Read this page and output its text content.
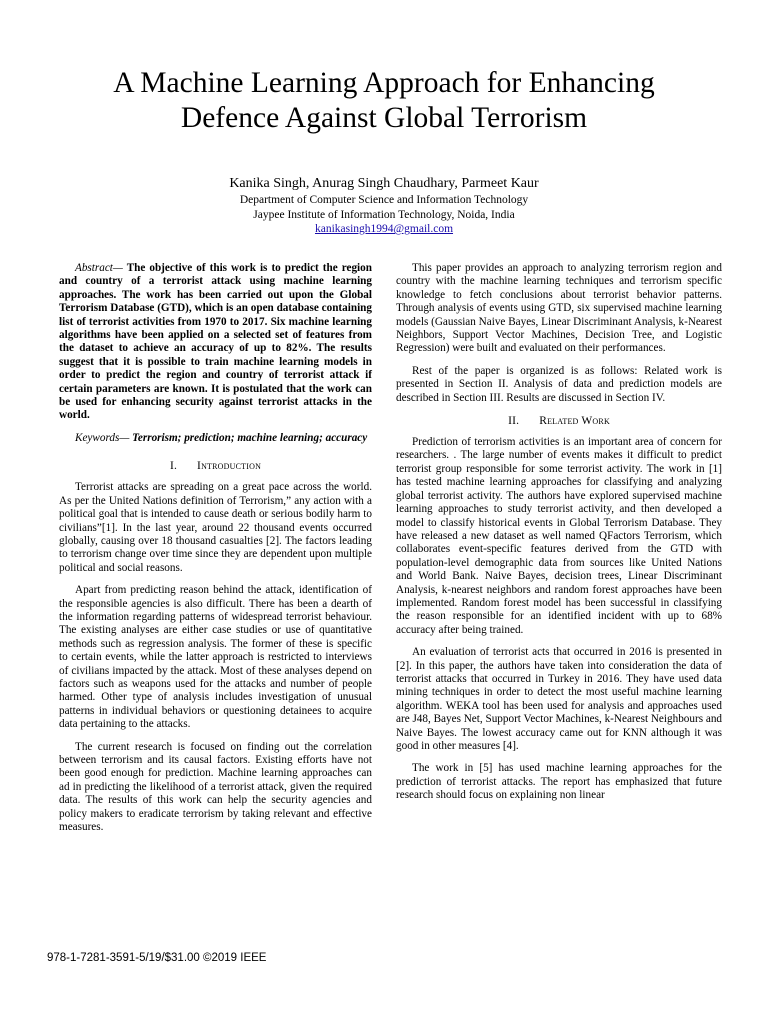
A Machine Learning Approach for Enhancing
Defence Against Global Terrorism
Kanika Singh, Anurag Singh Chaudhary, Parmeet Kaur
Department of Computer Science and Information Technology
Jaypee Institute of Information Technology, Noida, India
kanikasingh1994@gmail.com

Abstract— The objective of this work is to predict the region and country of a terrorist attack using machine learning approaches. The work has been carried out upon the Global Terrorism Database (GTD), which is an open database containing list of terrorist activities from 1970 to 2017. Six machine learning algorithms have been applied on a selected set of features from the dataset to achieve an accuracy of up to 82%. The results suggest that it is possible to train machine learning models in order to predict the region and country of terrorist attack if certain parameters are known. It is postulated that the work can be used for enhancing security against terrorist attacks in the world.

Keywords— Terrorism; prediction; machine learning; accuracy

I. Introduction

Terrorist attacks are spreading on a great pace across the world. As per the United Nations definition of Terrorism,” any action with a political goal that is intended to cause death or serious bodily harm to civilians”[1]. In the last year, around 22 thousand events occurred globally, causing over 18 thousand casualties [2]. The factors leading to terrorism change over time since they are dependent upon multiple political and social reasons.

Apart from predicting reason behind the attack, identification of the responsible agencies is also difficult. There has been a dearth of the information regarding patterns of widespread terrorist behaviour. The existing analyses are either case studies or use of quantitative methods such as regression analysis. The former of these is specific to certain events, while the latter approach is restricted to interviews of civilians impacted by the attack. Most of these analyses depend on factors such as weapons used for the attacks and number of people harmed. Other type of analysis includes investigation of unusual patterns in individual behaviors or questioning detainees to acquire data pertaining to the attacks.

The current research is focused on finding out the correlation between terrorism and its causal factors. Existing efforts have not been good enough for prediction. Machine learning approaches can ad in predicting the likelihood of a terrorist attack, given the required data. The results of this work can help the security agencies and policy makers to eradicate terrorism by taking relevant and effective measures.

This paper provides an approach to analyzing terrorism region and country with the machine learning techniques and terrorism specific knowledge to fetch conclusions about terrorist behavior patterns. Through analysis of events using GTD, six supervised machine learning models (Gaussian Naive Bayes, Linear Discriminant Analysis, k-Nearest Neighbors, Support Vector Machines, Decision Tree, and Logistic Regression) were built and evaluated on their performances.

Rest of the paper is organized is as follows: Related work is presented in Section II. Analysis of data and prediction models are described in Section III. Results are discussed in Section IV.

II. Related Work

Prediction of terrorism activities is an important area of concern for researchers. . The large number of events makes it difficult to predict terrorist group responsible for some terrorist activity. The work in [1] has tested machine learning approaches for classifying and analyzing global terrorist activity. The authors have explored supervised machine learning approaches to study terrorist activity, and then developed a model to classify historical events in Global Terrorism Database. They have released a new dataset as well named QFactors Terrorism, which collaborates event-specific features derived from the GTD with population-level demographic data from sources like United Nations and World Bank. Naive Bayes, decision trees, Linear Discriminant Analysis, k-nearest neighbors and random forest approaches have been implemented. Random forest model has been successful in classifying the reason responsible for an identified incident with up to 68% accuracy after being trained.

An evaluation of terrorist acts that occurred in 2016 is presented in [2]. In this paper, the authors have taken into consideration the data of terrorist attacks that occurred in Turkey in 2016. They have used data mining techniques in order to detect the most useful machine learning algorithm. WEKA tool has been used for analysis and approaches used are J48, Bayes Net, Support Vector Machines, k-Nearest Neighbours and Naive Bayes. The lowest accuracy came out for KNN although it was good in other measures [4].

The work in [5] has used machine learning approaches for the prediction of terrorist attacks. The report has emphasized that future research should focus on explaining non linear

978-1-7281-3591-5/19/$31.00 ©2019 IEEE
